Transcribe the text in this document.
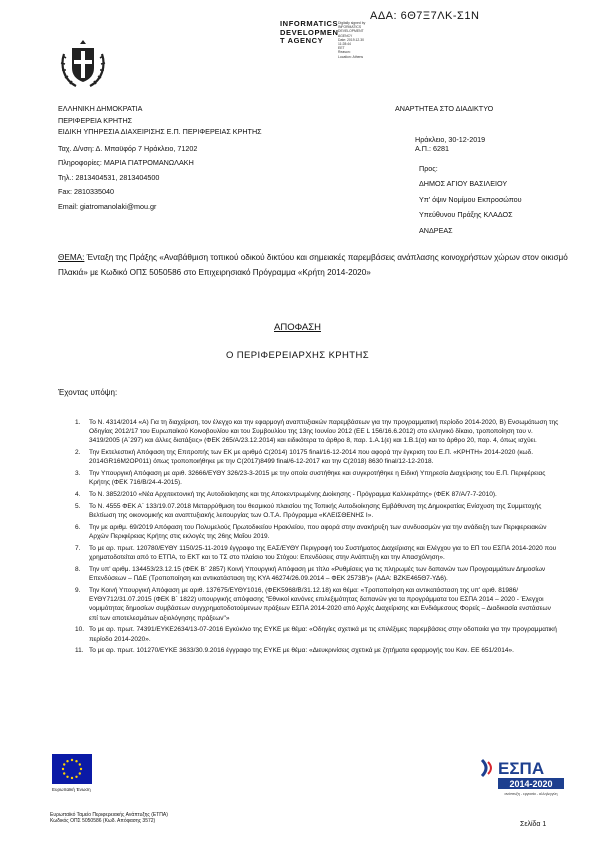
ΑΔΑ: 6Θ7Ξ7ΛΚ-Σ1Ν
INFORMATICS
DEVELOPMEN
T AGENCY
Digitally signed by
INFORMATICS
DEVELOPMENT AGENCY
Date: 2019.12.30
11:28:44
EET
Reason:
Location: Athens
ΕΛΛΗΝΙΚΗ ΔΗΜΟΚΡΑΤΙΑ
ΠΕΡΙΦΕΡΕΙΑ ΚΡΗΤΗΣ
ΕΙΔΙΚΗ ΥΠΗΡΕΣΙΑ ΔΙΑΧΕΙΡΙΣΗΣ Ε.Π. ΠΕΡΙΦΕΡΕΙΑΣ ΚΡΗΤΗΣ
Ταχ. Δ/νση: Δ. Μπαϋφόρ 7 Ηράκλειο, 71202
Πληροφορίες: ΜΑΡΙΑ ΓΙΑΤΡΟΜΑΝΩΛΑΚΗ
Τηλ.: 2813404531, 2813404500
Fax: 2810335040
Email: giatromanolaki@mou.gr
ΑΝΑΡΤΗΤΕΑ ΣΤΟ ΔΙΑΔΙΚΤΥΟ
Ηράκλειο, 30-12-2019
Α.Π.: 6281
Προς:
ΔΗΜΟΣ ΑΓΙΟΥ ΒΑΣΙΛΕΙΟΥ
Υπ' όψιν Νομίμου Εκπροσώπου
Υπεύθυνου Πράξης ΚΛΑΔΟΣ
ΑΝΔΡΕΑΣ
ΘΕΜΑ: Ένταξη της Πράξης «Αναβάθμιση τοπικού οδικού δικτύου και σημειακές παρεμβάσεις ανάπλασης κοινοχρήστων χώρων στον οικισμό Πλακιά» με Κωδικό ΟΠΣ 5050586 στο Επιχειρησιακό Πρόγραμμα «Κρήτη 2014-2020»
ΑΠΟΦΑΣΗ
Ο ΠΕΡΙΦΕΡΕΙΑΡΧΗΣ ΚΡΗΤΗΣ
Έχοντας υπόψη:
1.	Το Ν. 4314/2014 «Α) Για τη διαχείριση, τον έλεγχο και την εφαρμογή αναπτυξιακών παρεμβάσεων για την προγραμματική περίοδο 2014-2020, Β) Ενσωμάτωση της Οδηγίας 2012/17 του Ευρωπαϊκού Κοινοβουλίου και του Συμβουλίου της 13ης Ιουνίου 2012 (ΕΕ L 156/16.6.2012) στο ελληνικό δίκαιο, τροποποίηση του ν. 3419/2005 (Α΄297) και άλλες διατάξεις» (ΦΕΚ 265/Α/23.12.2014) και ειδικότερα το άρθρο 8, παρ. 1.Α.1(ε) και 1.Β.1(α) και το άρθρο 20, παρ. 4, όπως ισχύει.
2.	Την Εκτελεστική Απόφαση της Επιτροπής των ΕΚ με αριθμό C(2014) 10175 final/16-12-2014 που αφορά την έγκριση του Ε.Π. «ΚΡΗΤΗ» 2014-2020 (κωδ. 2014GR16M2OP011) όπως τροποποιήθηκε με την C(2017)8499 final/6-12-2017 και την C(2018) 8630 final/12-12-2018.
3.	Την Υπουργική Απόφαση με αριθ. 32666/ΕΥΘΥ 326/23-3-2015 με την οποία συστήθηκε και συγκροτήθηκε η Ειδική Υπηρεσία Διαχείρισης του Ε.Π. Περιφέρειας Κρήτης (ΦΕΚ 716/Β/24-4-2015).
4.	Το Ν. 3852/2010 «Νέα Αρχιτεκτονική της Αυτοδιοίκησης και της Αποκεντρωμένης Διοίκησης - Πρόγραμμα Καλλικράτης» (ΦΕΚ 87/Α/7-7-2010).
5.	Το Ν. 4555 ΦΕΚ Α΄ 133/19.07.2018 Μεταρρύθμιση του θεσμικού πλαισίου της Τοπικής Αυτοδιοίκησης Εμβάθυνση της Δημοκρατίας Ενίσχυση της Συμμετοχής Βελτίωση της οικονομικής και αναπτυξιακής λειτουργίας των Ο.Τ.Α. Πρόγραμμα «ΚΛΕΙΣΘΕΝΗΣ Ι».
6.	Την με αριθμ. 69/2019 Απόφαση του Πολυμελούς Πρωτοδικείου Ηρακλείου, που αφορά στην ανακήρυξη των συνδυασμών για την ανάδειξη των Περιφερειακών Αρχών Περιφέρειας Κρήτης στις εκλογές της 26ης Μαΐου 2019.
7.	Το με αρ. πρωτ. 120780/ΕΥΘΥ 1150/25-11-2019 έγγραφο της ΕΑΣ/ΕΥΘΥ Περιγραφή του Συστήματος Διαχείρισης και Ελέγχου για το ΕΠ του ΕΣΠΑ 2014-2020 που χρηματοδοτείται από το ΕΤΠΑ, το ΕΚΤ και το ΤΣ στο πλαίσιο του Στόχου: Επενδύσεις στην Ανάπτυξη και την Απασχόληση».
8.	Την υπ' αριθμ. 134453/23.12.15 (ΦΕΚ Β΄ 2857) Κοινή Υπουργική Απόφαση με τίτλο «Ρυθμίσεις για τις πληρωμές των δαπανών των Προγραμμάτων Δημοσίων Επενδύσεων – ΠΔΕ (Τροποποίηση και αντικατάσταση της ΚΥΑ 46274/26.09.2014 – ΦΕΚ 2573Β')» (ΑΔΑ: ΒΖΚΕ465Θ7-ΥΔ6).
9.	Την Κοινή Υπουργική Απόφαση με αριθ. 137675/ΕΥΘΥ1016, (ΦΕΚ5968/Β/31.12.18) και θέμα: «Τροποποίηση και αντικατάσταση της υπ' αριθ. 81986/ΕΥΘΥ712/31.07.2015 (ΦΕΚ Β΄ 1822) υπουργικής απόφασης "Εθνικοί κανόνες επιλεξιμότητας δαπανών για τα προγράμματα του ΕΣΠΑ 2014 – 2020 - Έλεγχοι νομιμότητας δημοσίων συμβάσεων συγχρηματοδοτούμενων πράξεων ΕΣΠΑ 2014-2020 από Αρχές Διαχείρισης και Ενδιάμεσους Φορείς – Διαδικασία ενστάσεων επί των αποτελεσμάτων αξιολόγησης πράξεων"»
10. Το με αρ. πρωτ. 74391/ΕΥΚΕ2634/13-07-2016 Εγκύκλιο της ΕΥΚΕ με θέμα: «Οδηγίες σχετικά με τις επιλέξιμες παρεμβάσεις στην οδοποιία για την προγραμματική περίοδο 2014-2020».
11. Το με αρ. πρωτ. 101270/ΕΥΚΕ 3633/30.9.2016 έγγραφο της ΕΥΚΕ με θέμα: «Διευκρινίσεις σχετικά με ζητήματα εφαρμογής του Καν. ΕΕ 651/2014».
Ευρωπαϊκή Ένωση
ΕΣΠΑ
2014-2020
ανάπτυξη - εργασία - αλληλεγγύη
Ευρωπαϊκό Ταμείο Περιφερειακής Ανάπτυξης (ΕΤΠΑ)
Κωδικός ΟΠΣ 5050586 (Κωδ. Απόφασης 3572)	Σελίδα 1
